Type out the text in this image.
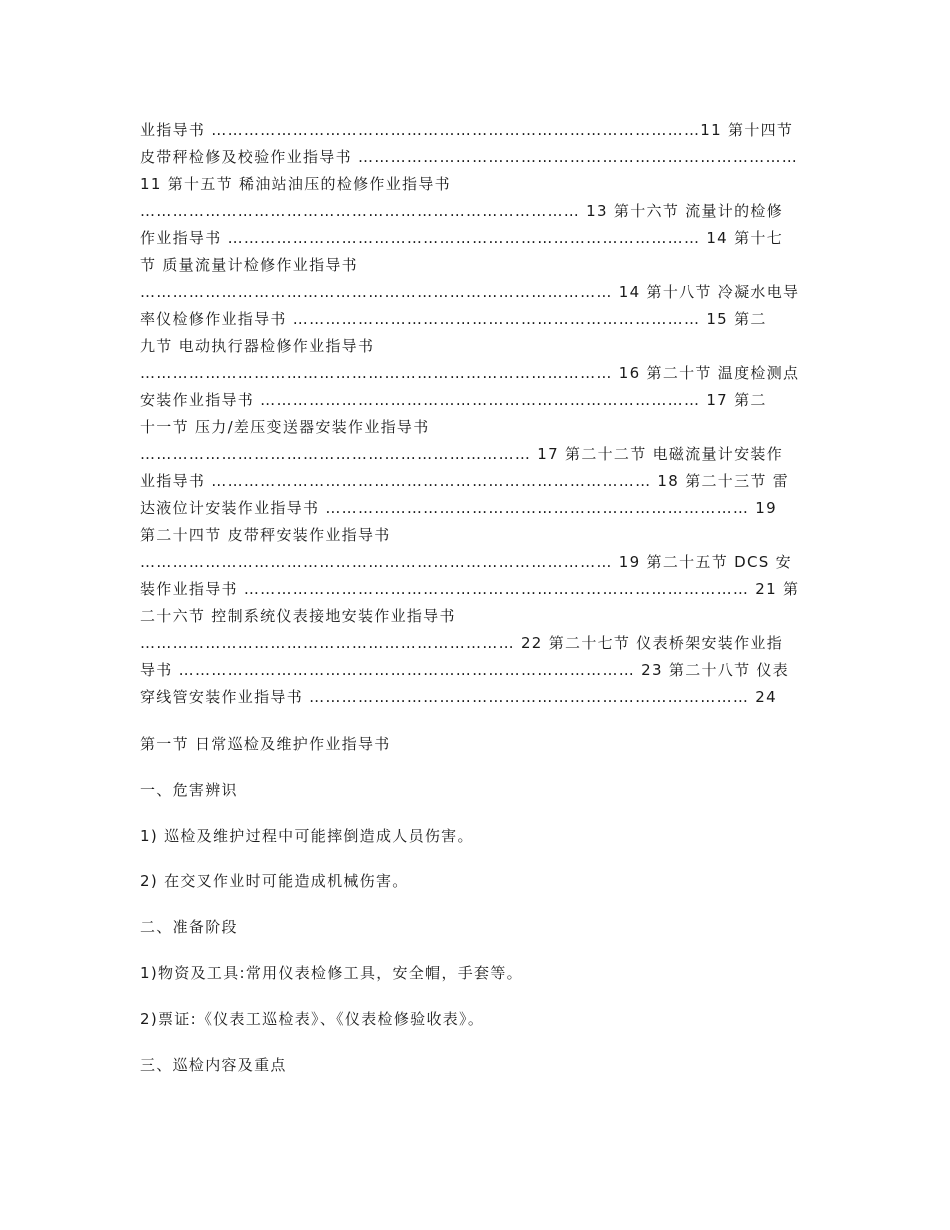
业指导书 ………………………………………………………………………………11 第十四节
皮带秤检修及校验作业指导书 ………………………………………………………………………
11 第十五节 稀油站油压的检修作业指导书
……………………………………………………………………… 13 第十六节 流量计的检修
作业指导书 …………………………………………………………………………… 14 第十七
节 质量流量计检修作业指导书
…………………………………………………………………………… 14 第十八节 冷凝水电导
率仪检修作业指导书 ………………………………………………………………… 15 第二
九节 电动执行器检修作业指导书
…………………………………………………………………………… 16 第二十节 温度检测点
安装作业指导书 ……………………………………………………………………… 17 第二
十一节 压力/差压变送器安装作业指导书
……………………………………………………………… 17 第二十二节 电磁流量计安装作
业指导书 ……………………………………………………………………… 18 第二十三节 雷
达液位计安装作业指导书 …………………………………………………………………… 19
第二十四节 皮带秤安装作业指导书
…………………………………………………………………………… 19 第二十五节 DCS 安
装作业指导书 ………………………………………………………………………………… 21 第
二十六节 控制系统仪表接地安装作业指导书
…………………………………………………………… 22 第二十七节 仪表桥架安装作业指
导书 ………………………………………………………………………… 23 第二十八节 仪表
穿线管安装作业指导书 ……………………………………………………………………… 24
第一节 日常巡检及维护作业指导书
一、危害辨识
1) 巡检及维护过程中可能摔倒造成人员伤害。
2) 在交叉作业时可能造成机械伤害。
二、准备阶段
1)物资及工具:常用仪表检修工具，安全帽，手套等。
2)票证:《仪表工巡检表》、《仪表检修验收表》。
三、巡检内容及重点
